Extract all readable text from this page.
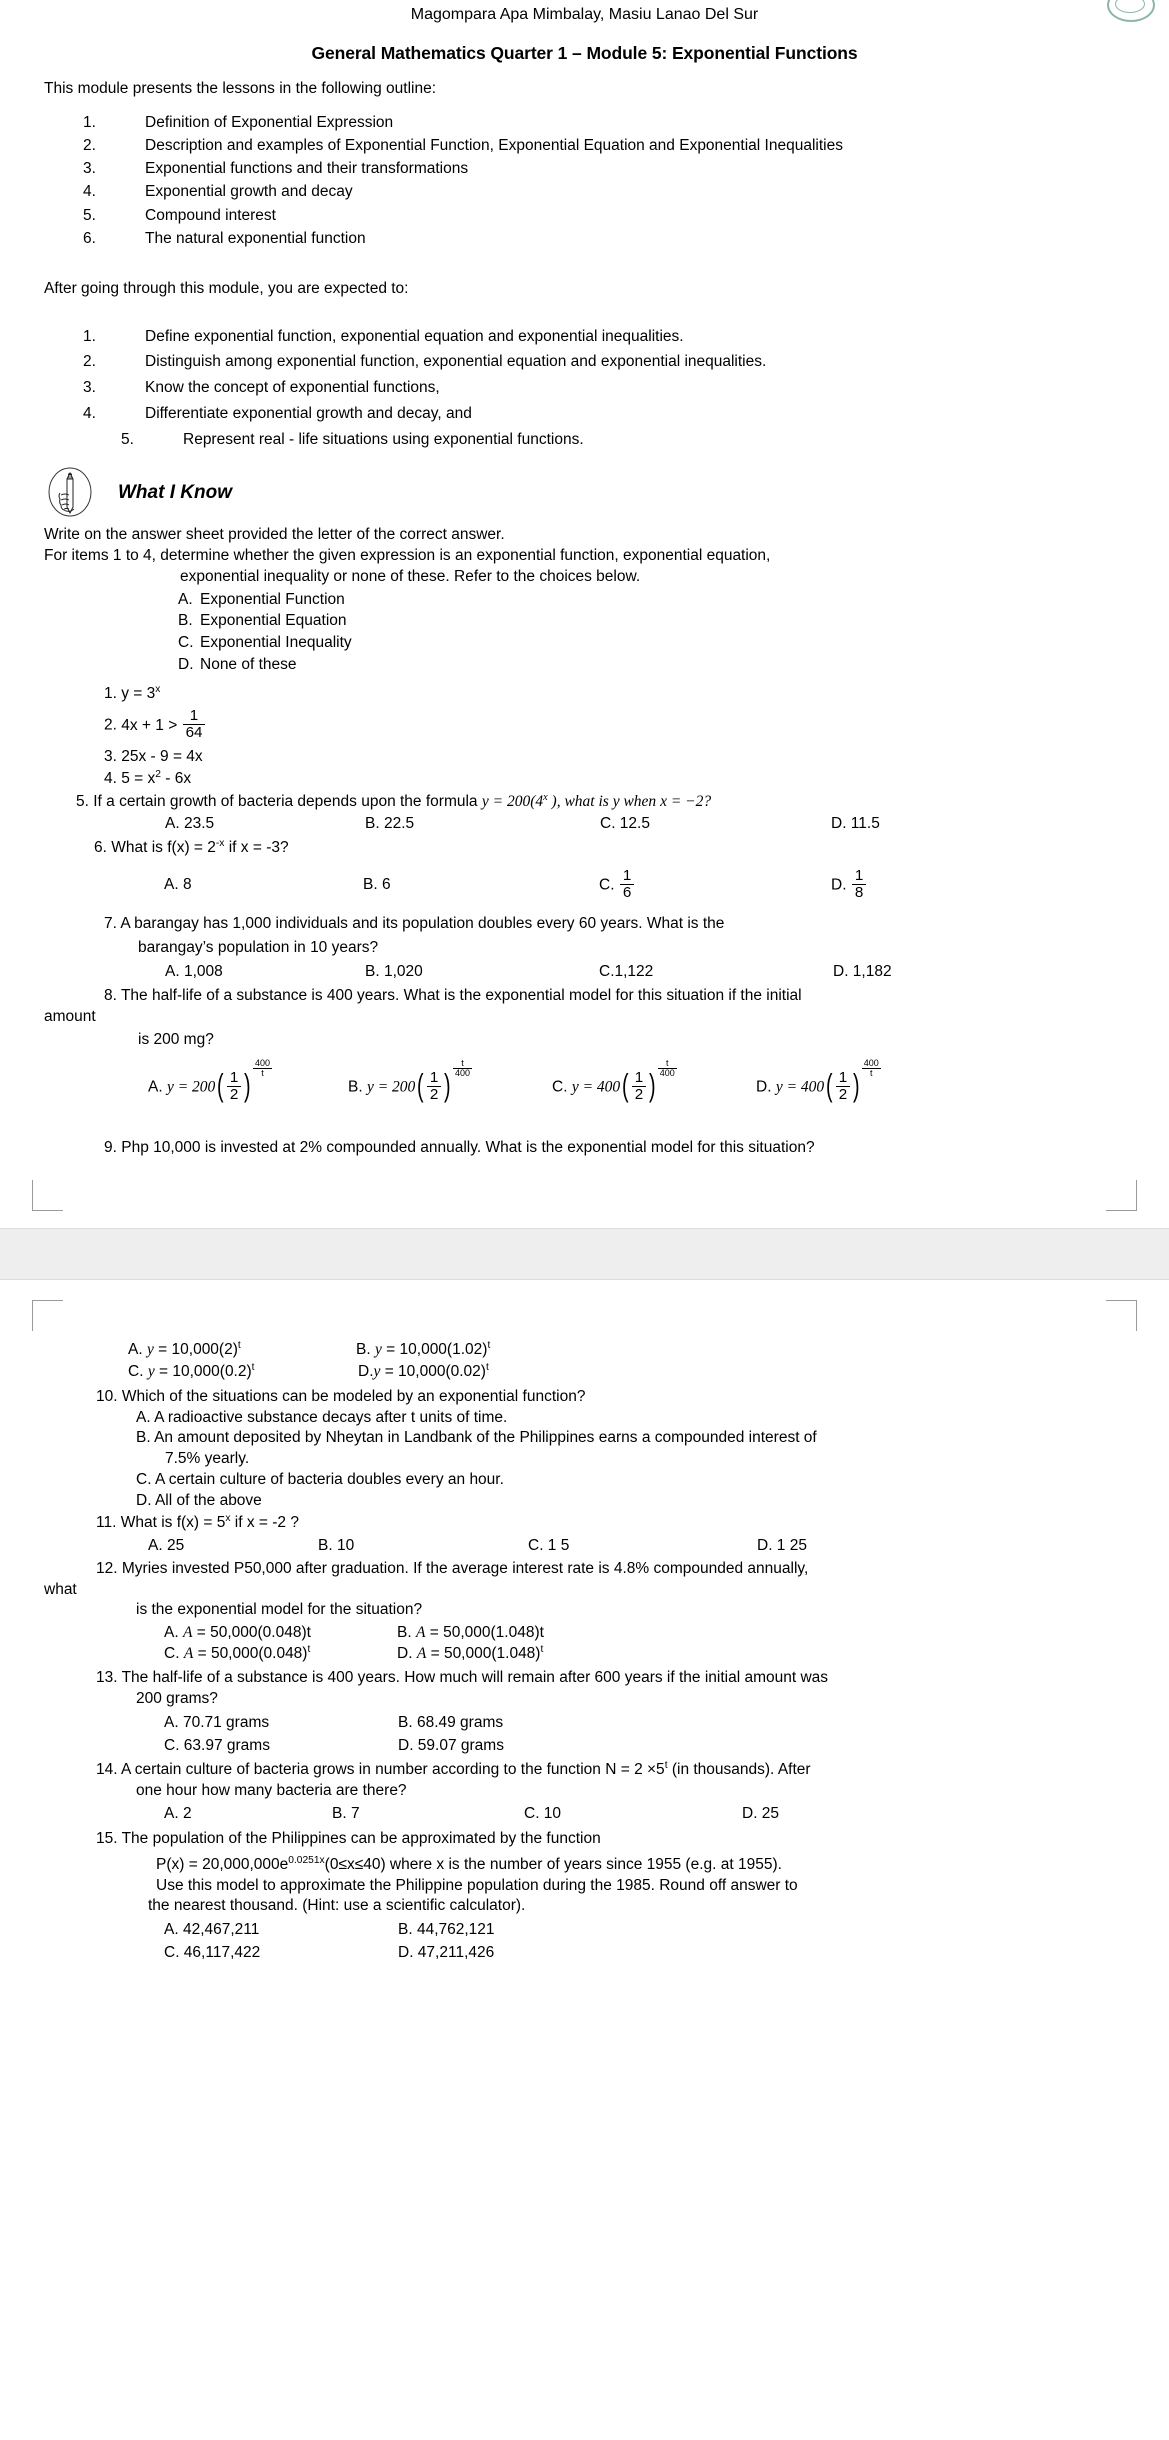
Magompara Apa Mimbalay, Masiu Lanao Del Sur
General Mathematics Quarter 1 – Module 5: Exponential Functions
This module presents the lessons in the following outline:
1.	Definition of Exponential Expression
2.	Description and examples of Exponential Function, Exponential Equation and Exponential Inequalities
3.	Exponential functions and their transformations
4.	Exponential growth and decay
5.	Compound interest
6.	The natural exponential function
After going through this module, you are expected to:
1.	Define exponential function, exponential equation and exponential inequalities.
2.	Distinguish among exponential function, exponential equation and exponential inequalities.
3.	Know the concept of exponential functions,
4.	Differentiate exponential growth and decay, and
5.	Represent real - life situations using exponential functions.
What I Know
Write on the answer sheet provided the letter of the correct answer.
For items 1 to 4, determine whether the given expression is an exponential function, exponential equation,
exponential inequality or none of these. Refer to the choices below.
A. Exponential Function
B. Exponential Equation
C. Exponential Inequality
D. None of these
1. $y = 3^x$
2. $4x + 1 > \frac{1}{64}$
3. 25x - 9 = 4x
4. $5 = x^2 - 6x$
5. If a certain growth of bacteria depends upon the formula $y = 200(4^x$ ), what is y when x = −2?
A. 23.5	B. 22.5	C. 12.5	D. 11.5
6. What is $f(x) = 2^{-x}$ if x = -3?
A. 8	B. 6	C. $\frac{1}{6}$	D. $\frac{1}{8}$
7. A barangay has 1,000 individuals and its population doubles every 60 years. What is the
barangay’s population in 10 years?
A. 1,008	B. 1,020	C.1,122	D. 1,182
8. The half-life of a substance is 400 years. What is the exponential model for this situation if the initial
amount
is 200 mg?
A. $y = 200( \frac{1}{2}$ ) $\frac{400}{t}$
B. $y = 200( \frac{1}{2}$ ) $\frac{t}{400}$
C. $y = 400( \frac{1}{2}$ ) $\frac{t}{400}$
D. $y = 400( \frac{1}{2}$ ) $\frac{400}{t}$
9. Php 10,000 is invested at 2% compounded annually. What is the exponential model for this situation?
A. $y = 10,000(2)^t$	B. $y = 10,000(1.02)^t$
C. $y = 10,000(0.2)^t$	$D.y = 10,000(0.02)^t$
10. Which of the situations can be modeled by an exponential function?
A. A radioactive substance decays after t units of time.
B. An amount deposited by Nheytan in Landbank of the Philippines earns a compounded interest of
7.5% yearly.
C. A certain culture of bacteria doubles every an hour.
D. All of the above
11. What is $f(x) = 5^x$ if x = -2 ?
A. 25	B. 10	C. 1 5	D. 1 25
12. Myries invested P50,000 after graduation. If the average interest rate is 4.8% compounded annually,
what
is the exponential model for the situation?
A. A = 50,000(0.048)t	B. A = 50,000(1.048)t
C. $A = 50,000(0.048)^t$	D. $A = 50,000(1.048)^t$
13. The half-life of a substance is 400 years. How much will remain after 600 years if the initial amount was
200 grams?
A. 70.71 grams	B. 68.49 grams
C. 63.97 grams	D. 59.07 grams
14. A certain culture of bacteria grows in number according to the function $N = 2 \times 5^t$ (in thousands). After
one hour how many bacteria are there?
A. 2	B. 7	C. 10	D. 25
15. The population of the Philippines can be approximated by the function
$P(x) = 20,000,000e^{0.0251x}(0\le x\le 40)$ where x is the number of years since 1955 (e.g. at 1955).
Use this model to approximate the Philippine population during the 1985. Round off answer to
the nearest thousand. (Hint: use a scientific calculator).
A. 42,467,211	B. 44,762,121
C. 46,117,422	D. 47,211,426
